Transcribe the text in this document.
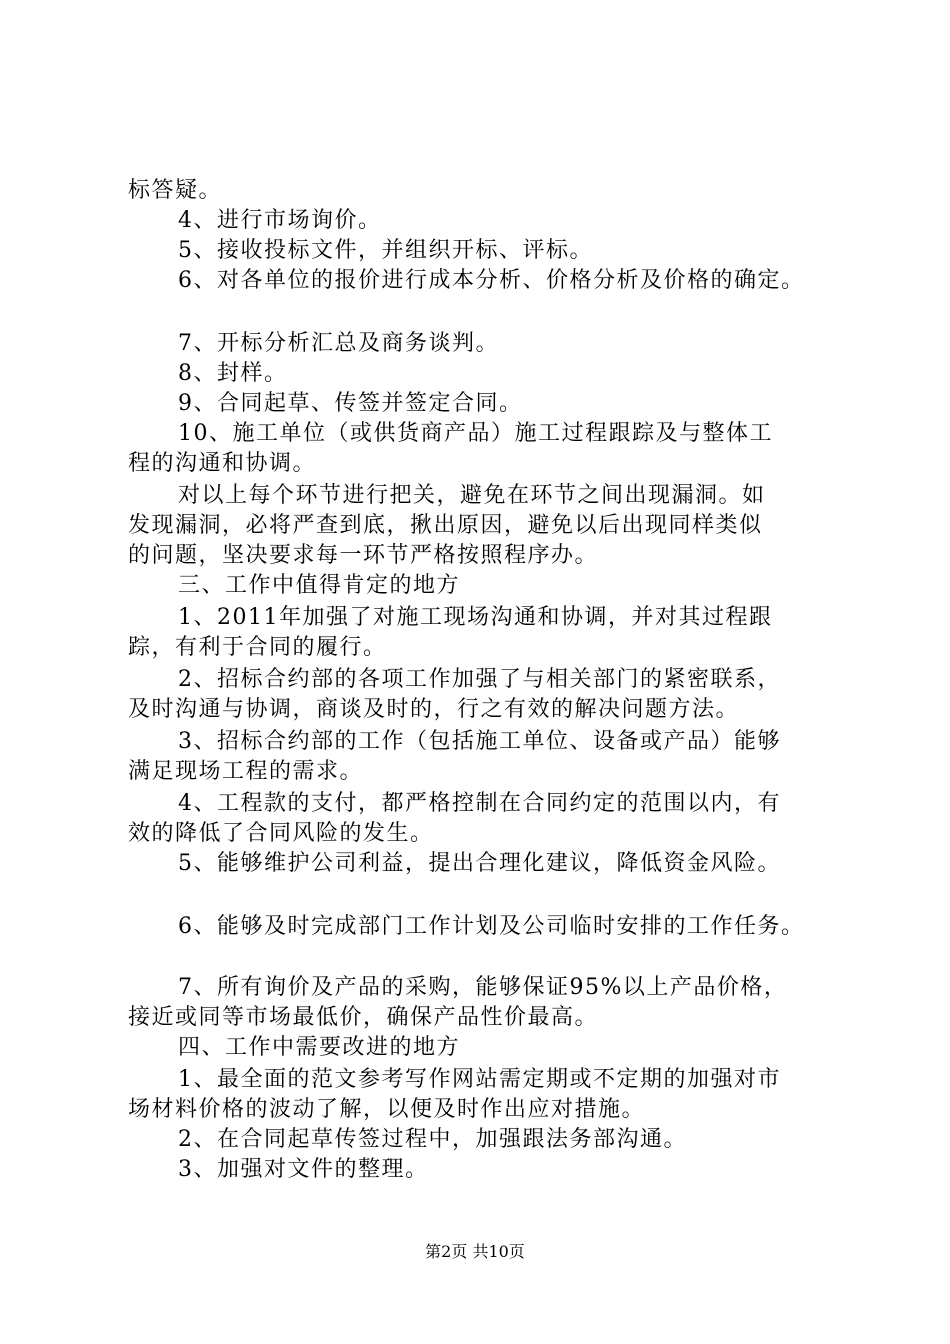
标答疑。
4、进行市场询价。
5、接收投标文件，并组织开标、评标。
6、对各单位的报价进行成本分析、价格分析及价格的确定。
7、开标分析汇总及商务谈判。
8、封样。
9、合同起草、传签并签定合同。
10、施工单位（或供货商产品）施工过程跟踪及与整体工
程的沟通和协调。
对以上每个环节进行把关，避免在环节之间出现漏洞。如
发现漏洞，必将严查到底，揪出原因，避免以后出现同样类似
的问题，坚决要求每一环节严格按照程序办。
三、工作中值得肯定的地方
1、2011年加强了对施工现场沟通和协调，并对其过程跟
踪，有利于合同的履行。
2、招标合约部的各项工作加强了与相关部门的紧密联系，
及时沟通与协调，商谈及时的，行之有效的解决问题方法。
3、招标合约部的工作（包括施工单位、设备或产品）能够
满足现场工程的需求。
4、工程款的支付，都严格控制在合同约定的范围以内，有
效的降低了合同风险的发生。
5、能够维护公司利益，提出合理化建议，降低资金风险。
6、能够及时完成部门工作计划及公司临时安排的工作任务。
7、所有询价及产品的采购，能够保证95%以上产品价格，
接近或同等市场最低价，确保产品性价最高。
四、工作中需要改进的地方
1、最全面的范文参考写作网站需定期或不定期的加强对市
场材料价格的波动了解，以便及时作出应对措施。
2、在合同起草传签过程中，加强跟法务部沟通。
3、加强对文件的整理。
第2页 共10页
